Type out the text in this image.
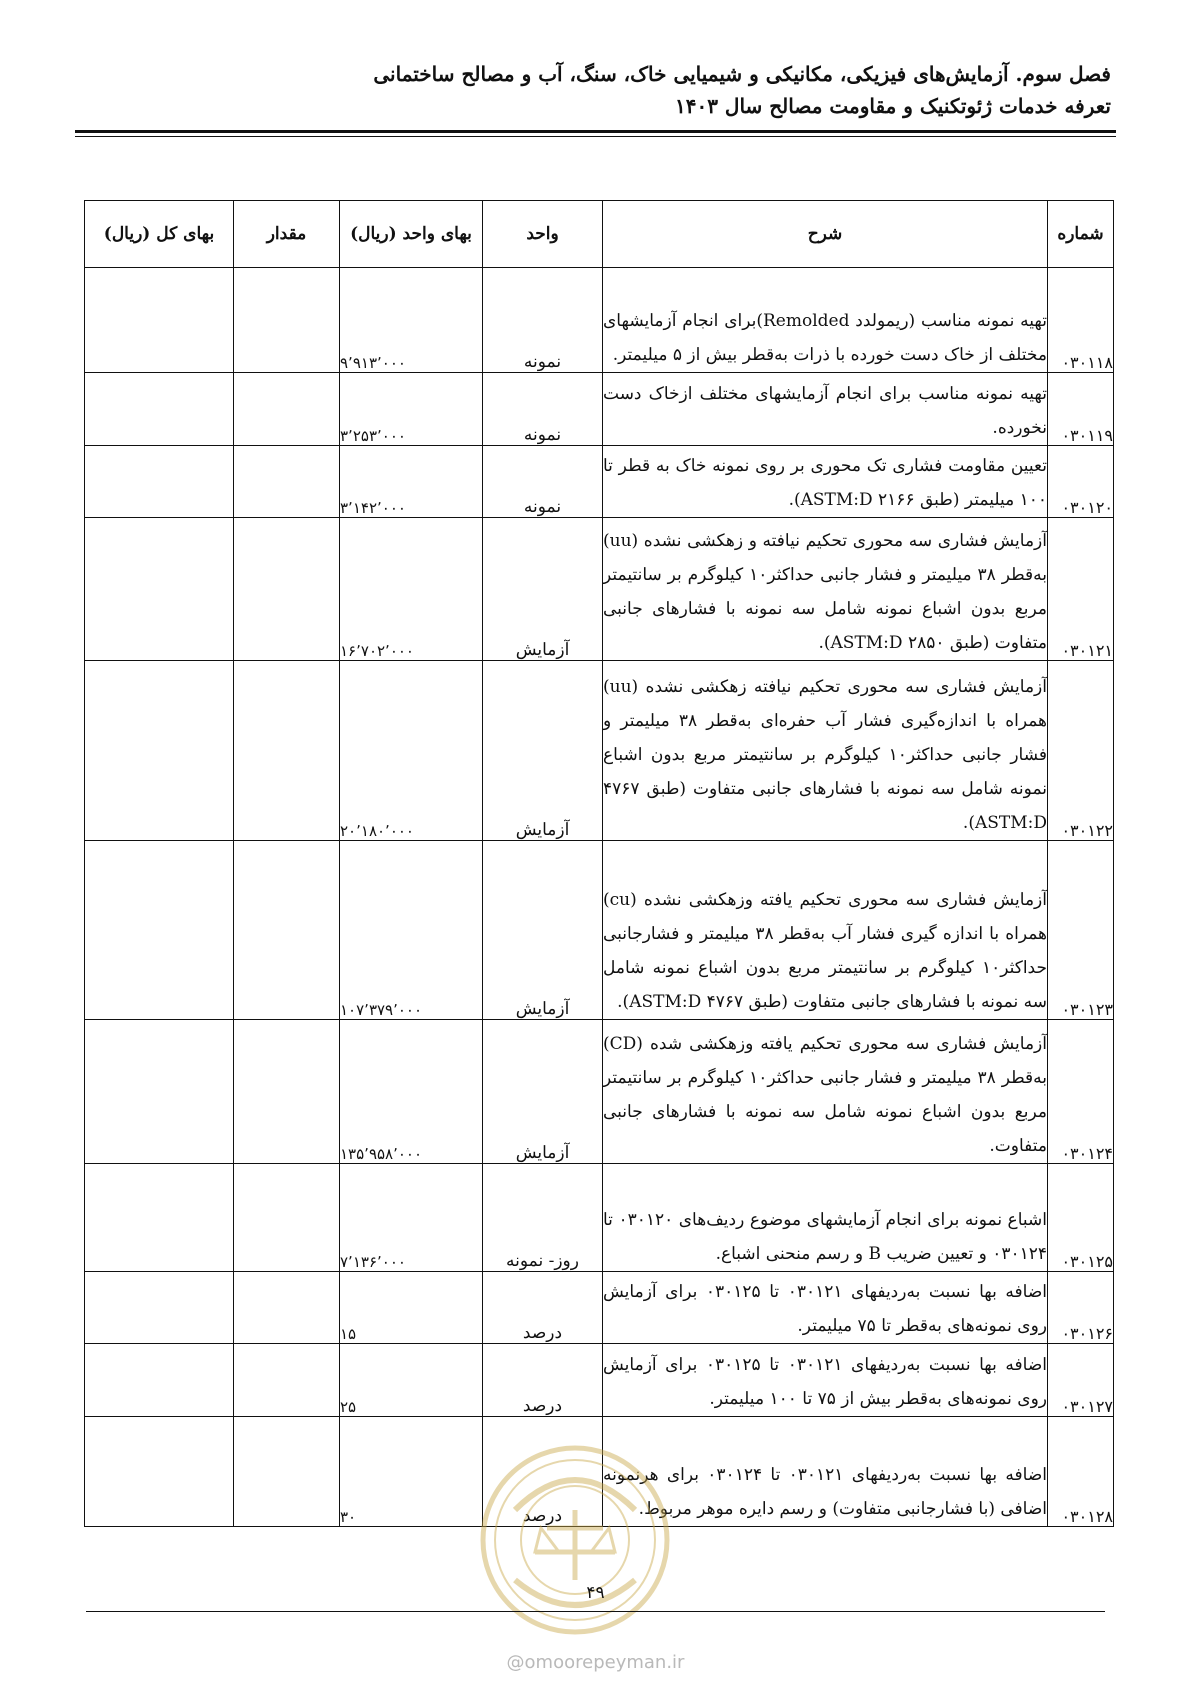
فصل سوم. آزمایش‌های فیزیکی، مکانیکی و شیمیایی خاک، سنگ، آب و مصالح ساختمانی
تعرفه خدمات ژئوتکنیک و مقاومت مصالح سال ۱۴۰۳
شماره	شرح	واحد	بهای واحد (ریال)	مقدار	بهای کل (ریال)
۰۳۰۱۱۸	تهیه نمونه مناسب (ریمولدد Remolded)برای انجام آزمایشهای مختلف از خاک دست خورده با ذرات به‌قطر بیش از ۵ میلیمتر.	نمونه	۹٬۹۱۳٬۰۰۰		
۰۳۰۱۱۹	تهیه نمونه مناسب برای انجام آزمایشهای مختلف ازخاک دست نخورده.	نمونه	۳٬۲۵۳٬۰۰۰		
۰۳۰۱۲۰	تعیین مقاومت فشاری تک محوری بر روی نمونه خاک به قطر تا ۱۰۰ میلیمتر (طبق ۲۱۶۶ ASTM:D).	نمونه	۳٬۱۴۲٬۰۰۰		
۰۳۰۱۲۱	آزمایش فشاری سه محوری تحکیم نیافته و زهکشی نشده (uu) به‌قطر ۳۸ میلیمتر و فشار جانبی حداکثر۱۰ کیلوگرم بر سانتیمتر مربع بدون اشباع نمونه شامل سه نمونه با فشارهای جانبی متفاوت (طبق ۲۸۵۰ ASTM:D).	آزمایش	۱۶٬۷۰۲٬۰۰۰		
۰۳۰۱۲۲	آزمایش فشاری سه محوری تحکیم نیافته زهکشی نشده (uu) همراه با اندازه‌گیری فشار آب حفره‌ای به‌قطر ۳۸ میلیمتر و فشار جانبی حداکثر۱۰ کیلوگرم بر سانتیمتر مربع بدون اشباع نمونه شامل سه نمونه با فشارهای جانبی متفاوت (طبق ۴۷۶۷ ASTM:D).	آزمایش	۲۰٬۱۸۰٬۰۰۰		
۰۳۰۱۲۳	آزمایش فشاری سه محوری تحکیم یافته وزهکشی نشده (cu) همراه با اندازه گیری فشار آب به‌قطر ۳۸ میلیمتر و فشارجانبی حداکثر۱۰ کیلوگرم بر سانتیمتر مربع بدون اشباع نمونه شامل سه نمونه با فشارهای جانبی متفاوت (طبق ۴۷۶۷ ASTM:D).	آزمایش	۱۰۷٬۳۷۹٬۰۰۰		
۰۳۰۱۲۴	آزمایش فشاری سه محوری تحکیم یافته وزهکشی شده (CD) به‌قطر ۳۸ میلیمتر و فشار جانبی حداکثر۱۰ کیلوگرم بر سانتیمتر مربع بدون اشباع نمونه شامل سه نمونه با فشارهای جانبی متفاوت.	آزمایش	۱۳۵٬۹۵۸٬۰۰۰		
۰۳۰۱۲۵	اشباع نمونه برای انجام آزمایشهای موضوع ردیف‌های ۰۳۰۱۲۰ تا ۰۳۰۱۲۴ و تعیین ضریب B و رسم منحنی اشباع.	روز- نمونه	۷٬۱۳۶٬۰۰۰		
۰۳۰۱۲۶	اضافه بها نسبت به‌ردیفهای ۰۳۰۱۲۱ تا ۰۳۰۱۲۵ برای آزمایش روی نمونه‌های به‌قطر تا ۷۵ میلیمتر.	درصد	۱۵		
۰۳۰۱۲۷	اضافه بها نسبت به‌ردیفهای ۰۳۰۱۲۱ تا ۰۳۰۱۲۵ برای آزمایش روی نمونه‌های به‌قطر بیش از ۷۵ تا ۱۰۰ میلیمتر.	درصد	۲۵		
۰۳۰۱۲۸	اضافه بها نسبت به‌ردیفهای ۰۳۰۱۲۱ تا ۰۳۰۱۲۴ برای هرنمونه اضافی (با فشارجانبی متفاوت) و رسم دایره موهر مربوط.	درصد	۳۰		
۴۹
@omoorepeyman.ir
